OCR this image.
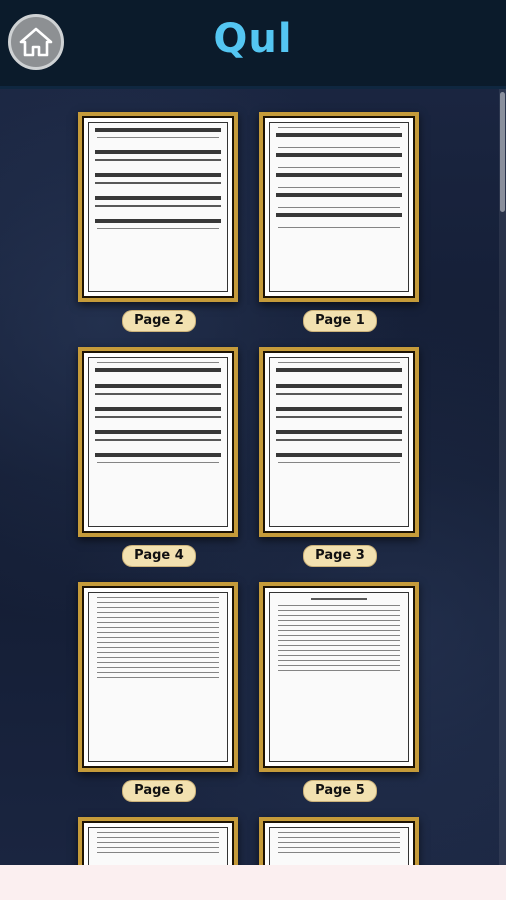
Qul
Page 2	Page 1
Page 4	Page 3
Page 6	Page 5
